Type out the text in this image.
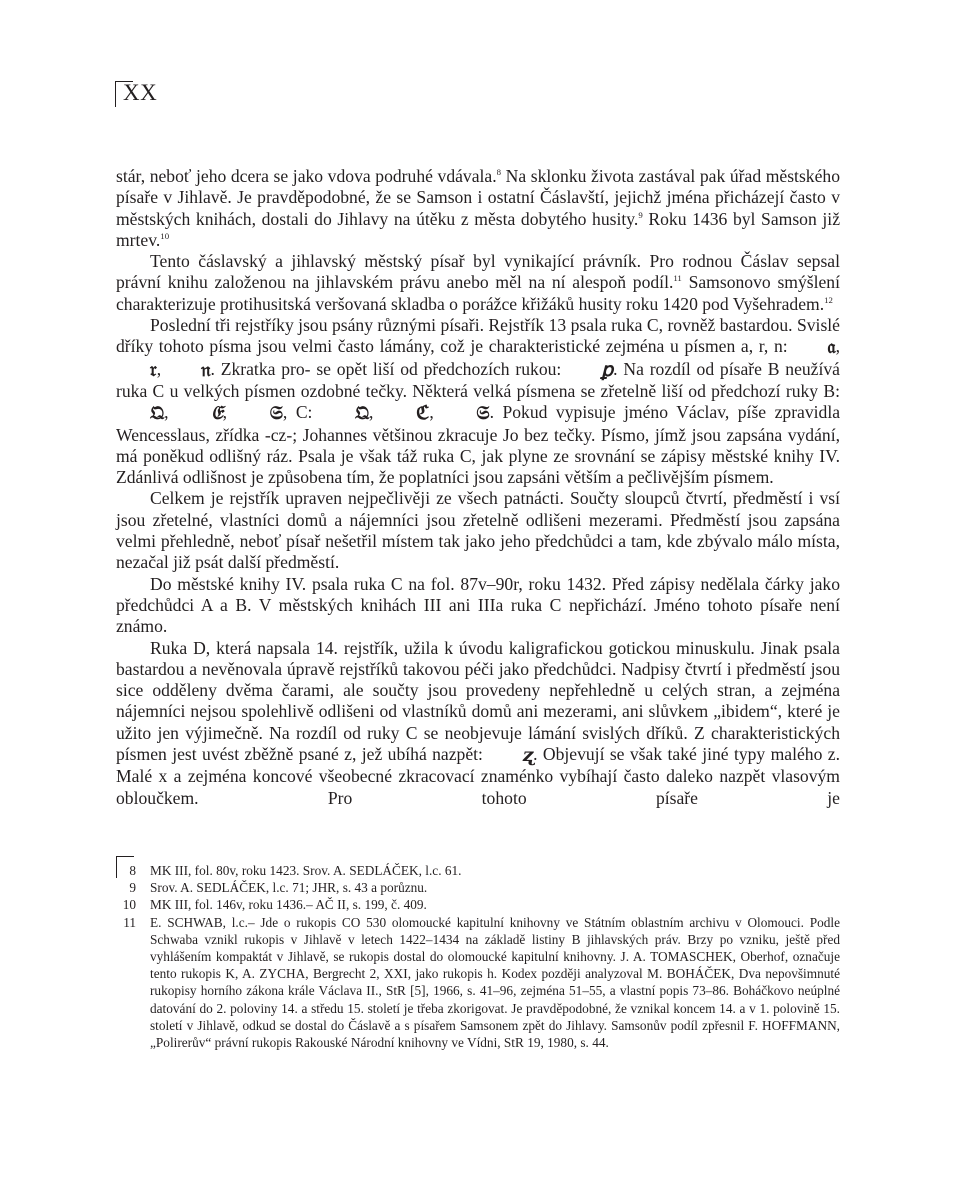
XX

stár, neboť jeho dcera se jako vdova podruhé vdávala.$^8$ Na sklonku života zastával pak úřad městského písaře v Jihlavě. Je pravděpodobné, že se Samson i ostatní Čáslavští, jejichž jména přicházejí často v městských knihách, dostali do Jihlavy na útěku z města dobytého husity.$^9$ Roku 1436 byl Samson již mrtev.$^{10}$

Tento čáslavský a jihlavský městský písař byl vynikající právník. Pro rodnou Čáslav sepsal právní knihu založenou na jihlavském právu anebo měl na ní alespoň podíl.$^{11}$ Samsonovo smýšlení charakterizuje protihusitská veršovaná skladba o porážce křižáků husity roku 1420 pod Vyšehradem.$^{12}$

Poslední tři rejstříky jsou psány různými písaři. Rejstřík 13 psala ruka C, rovněž bastardou. Svislé dříky tohoto písma jsou velmi často lámány, což je charakteristické zejména u písmen a, r, n: 𝔞, 𝔯, 𝔫. Zkratka pro- se opět liší od předchozích rukou: ꝑ. Na rozdíl od písaře B neužívá ruka C u velkých písmen ozdobné tečky. Některá velká písmena se zřetelně liší od předchozí ruky B: 𝔔, 𝔈, 𝔖, C: 𝔔, ℭ, 𝔖. Pokud vypisuje jméno Václav, píše zpravidla Wencesslaus, zřídka -cz-; Johannes většinou zkracuje Jo bez tečky. Písmo, jímž jsou zapsána vydání, má poněkud odlišný ráz. Psala je však táž ruka C, jak plyne ze srovnání se zápisy městské knihy IV. Zdánlivá odlišnost je způsobena tím, že poplatníci jsou zapsáni větším a pečlivějším písmem.

Celkem je rejstřík upraven nejpečlivěji ze všech patnácti. Součty sloupců čtvrtí, předměstí i vsí jsou zřetelné, vlastníci domů a nájemníci jsou zřetelně odlišeni mezerami. Předměstí jsou zapsána velmi přehledně, neboť písař nešetřil místem tak jako jeho předchůdci a tam, kde zbývalo málo místa, nezačal již psát další předměstí.

Do městské knihy IV. psala ruka C na fol. 87v–90r, roku 1432. Před zápisy nedělala čárky jako předchůdci A a B. V městských knihách III ani IIIa ruka C nepřichází. Jméno tohoto písaře není známo.

Ruka D, která napsala 14. rejstřík, užila k úvodu kaligrafickou gotickou minuskulu. Jinak psala bastardou a nevěnovala úpravě rejstříků takovou péči jako předchůdci. Nadpisy čtvrtí i předměstí jsou sice odděleny dvěma čarami, ale součty jsou provedeny nepřehledně u celých stran, a zejména nájemníci nejsou spolehlivě odlišeni od vlastníků domů ani mezerami, ani slůvkem „ibidem“, které je užito jen výjimečně. Na rozdíl od ruky C se neobjevuje lámání svislých dříků. Z charakteristických písmen jest uvést zběžně psané z, jež ubíhá nazpět: ʐ. Objevují se však také jiné typy malého z. Malé x a zejména koncové všeobecné zkracovací znaménko vybíhají často daleko nazpět vlasovým obloučkem. Pro tohoto písaře je

8 MK III, fol. 80v, roku 1423. Srov. A. SEDLÁČEK, l.c. 61.
9 Srov. A. SEDLÁČEK, l.c. 71; JHR, s. 43 a porůznu.
10 MK III, fol. 146v, roku 1436.– AČ II, s. 199, č. 409.
11 E. SCHWAB, l.c.– Jde o rukopis CO 530 olomoucké kapitulní knihovny ve Státním oblastním archivu v Olomouci. Podle Schwaba vznikl rukopis v Jihlavě v letech 1422–1434 na základě listiny B jihlavských práv. Brzy po vzniku, ještě před vyhlášením kompaktát v Jihlavě, se rukopis dostal do olomoucké kapitulní knihovny. J. A. TOMASCHEK, Oberhof, označuje tento rukopis K, A. ZYCHA, Bergrecht 2, XXI, jako rukopis h. Kodex později analyzoval M. BOHÁČEK, Dva nepovšimnuté rukopisy horního zákona krále Václava II., StR [5], 1966, s. 41–96, zejména 51–55, a vlastní popis 73–86. Boháčkovo neúplné datování do 2. poloviny 14. a středu 15. století je třeba zkorigovat. Je pravděpodobné, že vznikal koncem 14. a v 1. polovině 15. století v Jihlavě, odkud se dostal do Čáslavě a s písařem Samsonem zpět do Jihlavy. Samsonův podíl zpřesnil F. HOFFMANN, „Polirerův“ právní rukopis Rakouské Národní knihovny ve Vídni, StR 19, 1980, s. 44.
